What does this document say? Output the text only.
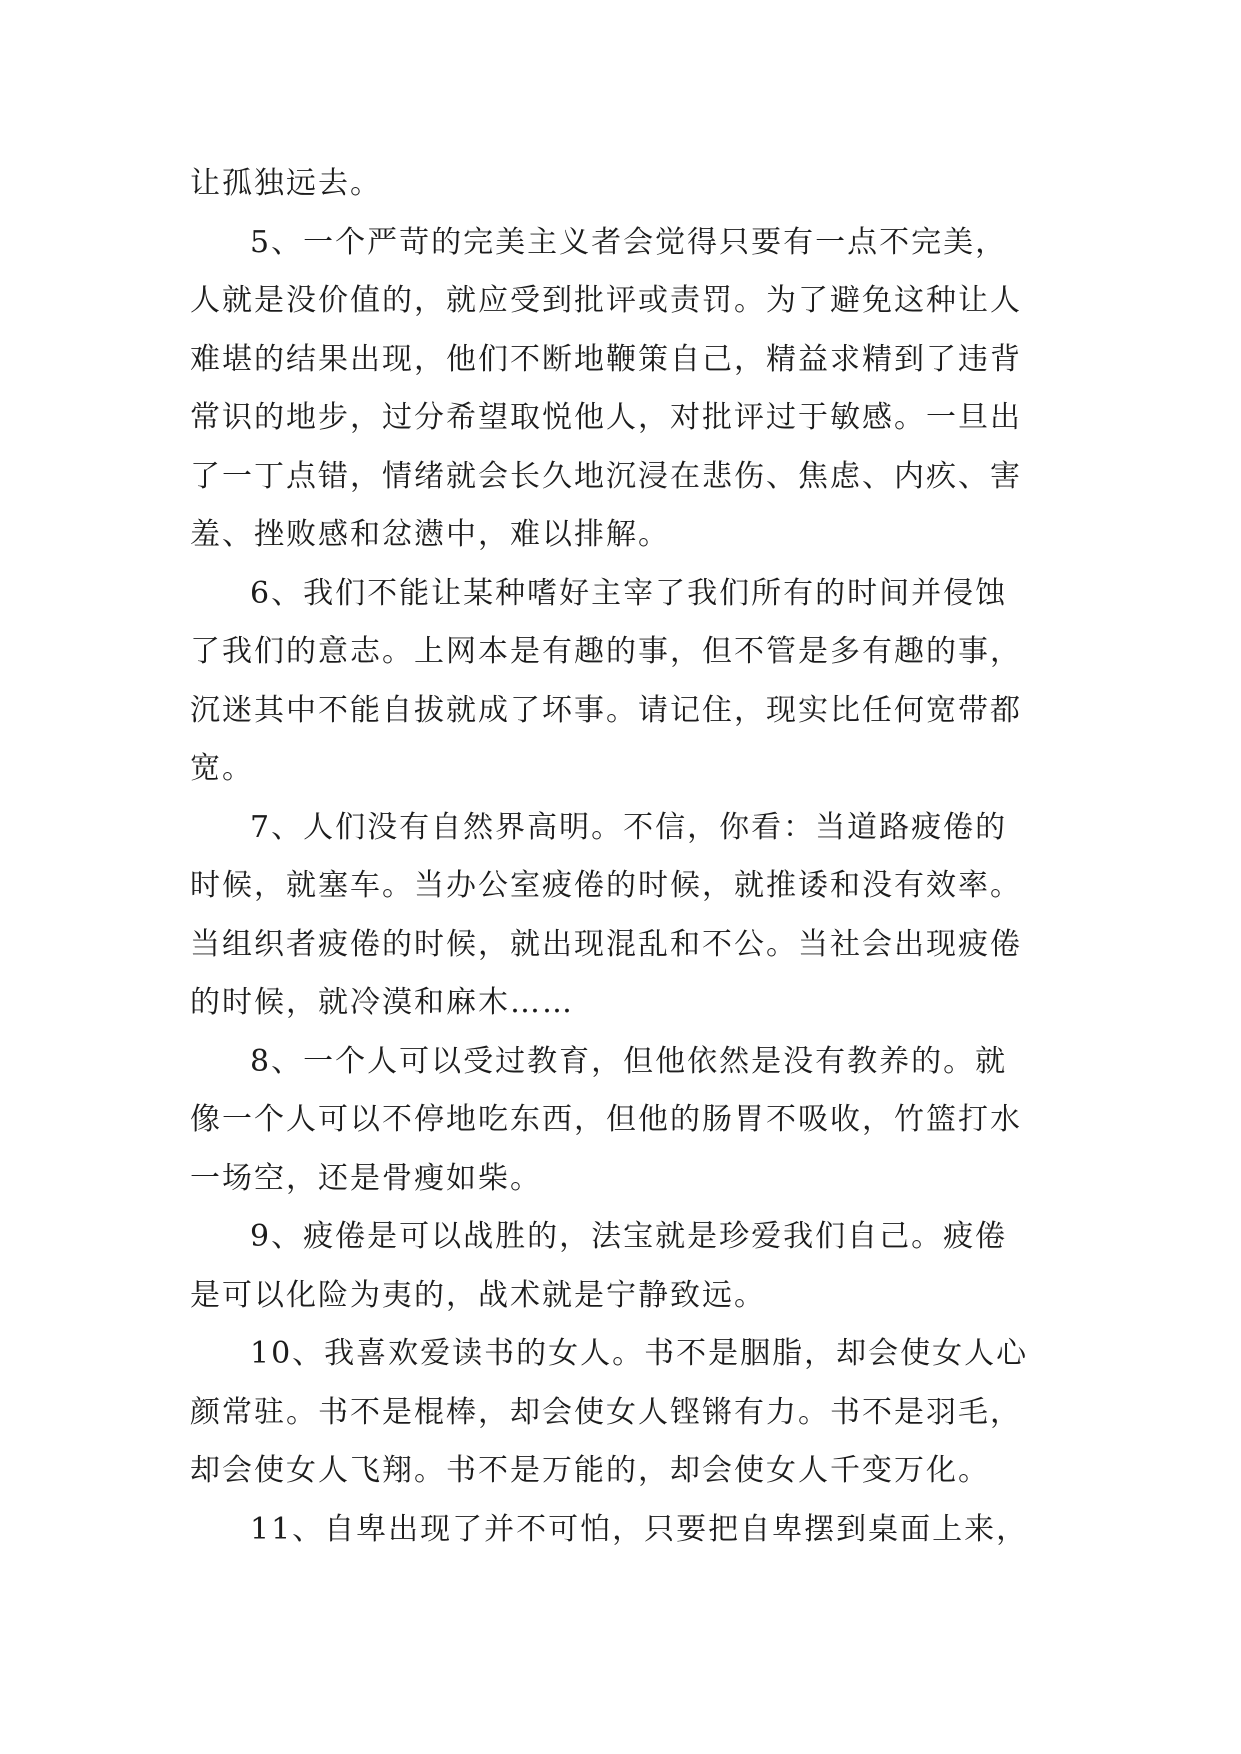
让孤独远去。
5、一个严苛的完美主义者会觉得只要有一点不完美，
人就是没价值的，就应受到批评或责罚。为了避免这种让人
难堪的结果出现，他们不断地鞭策自己，精益求精到了违背
常识的地步，过分希望取悦他人，对批评过于敏感。一旦出
了一丁点错，情绪就会长久地沉浸在悲伤、焦虑、内疚、害
羞、挫败感和忿懑中，难以排解。
6、我们不能让某种嗜好主宰了我们所有的时间并侵蚀
了我们的意志。上网本是有趣的事，但不管是多有趣的事，
沉迷其中不能自拔就成了坏事。请记住，现实比任何宽带都
宽。
7、人们没有自然界高明。不信，你看：当道路疲倦的
时候，就塞车。当办公室疲倦的时候，就推诿和没有效率。
当组织者疲倦的时候，就出现混乱和不公。当社会出现疲倦
的时候，就冷漠和麻木……
8、一个人可以受过教育，但他依然是没有教养的。就
像一个人可以不停地吃东西，但他的肠胃不吸收，竹篮打水
一场空，还是骨瘦如柴。
9、疲倦是可以战胜的，法宝就是珍爱我们自己。疲倦
是可以化险为夷的，战术就是宁静致远。
10、我喜欢爱读书的女人。书不是胭脂，却会使女人心
颜常驻。书不是棍棒，却会使女人铿锵有力。书不是羽毛，
却会使女人飞翔。书不是万能的，却会使女人千变万化。
11、自卑出现了并不可怕，只要把自卑摆到桌面上来，
